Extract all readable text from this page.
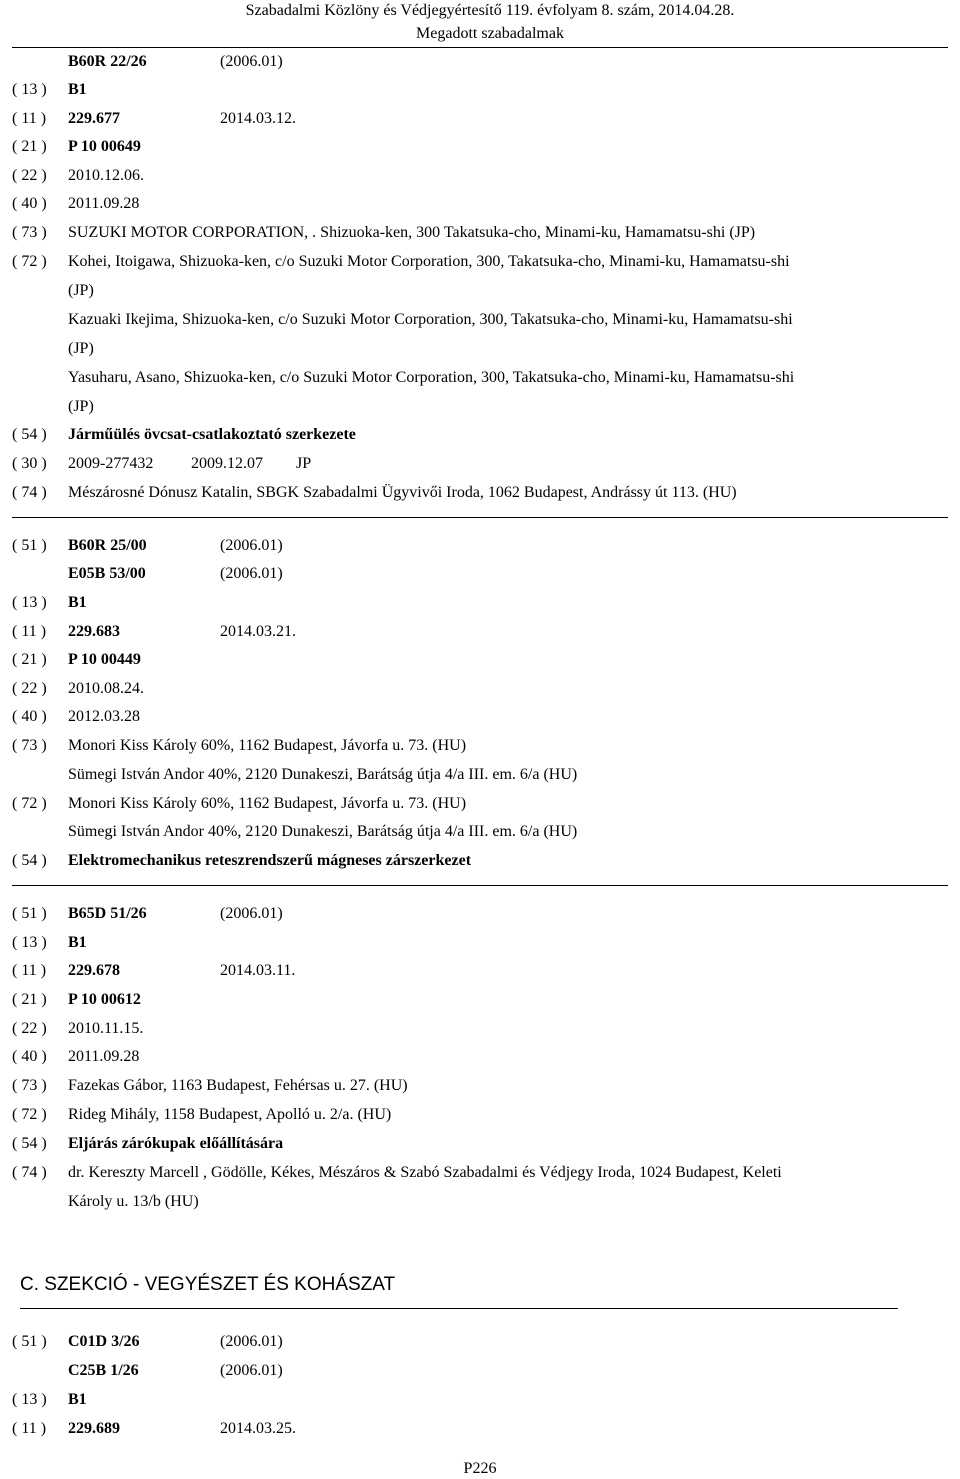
Szabadalmi Közlöny és Védjegyértesítő 119. évfolyam 8. szám, 2014.04.28.
Megadott szabadalmak
B60R 22/26	(2006.01)
( 13 )	B1
( 11 )	229.677	2014.03.12.
( 21 )	P 10 00649
( 22 )	2010.12.06.
( 40 )	2011.09.28
( 73 )	SUZUKI MOTOR CORPORATION, . Shizuoka-ken, 300 Takatsuka-cho, Minami-ku, Hamamatsu-shi (JP)
( 72 )	Kohei, Itoigawa, Shizuoka-ken, c/o Suzuki Motor Corporation, 300, Takatsuka-cho, Minami-ku, Hamamatsu-shi
(JP)
Kazuaki Ikejima, Shizuoka-ken, c/o Suzuki Motor Corporation, 300, Takatsuka-cho, Minami-ku, Hamamatsu-shi
(JP)
Yasuharu, Asano, Shizuoka-ken, c/o Suzuki Motor Corporation, 300, Takatsuka-cho, Minami-ku, Hamamatsu-shi
(JP)
( 54 )	Járműülés övcsat-csatlakoztató szerkezete
( 30 )	2009-277432 2009.12.07 JP
( 74 )	Mészárosné Dónusz Katalin, SBGK Szabadalmi Ügyvivői Iroda, 1062 Budapest, Andrássy út 113. (HU)
( 51 )	B60R 25/00	(2006.01)
E05B 53/00	(2006.01)
( 13 )	B1
( 11 )	229.683	2014.03.21.
( 21 )	P 10 00449
( 22 )	2010.08.24.
( 40 )	2012.03.28
( 73 )	Monori Kiss Károly 60%, 1162 Budapest, Jávorfa u. 73. (HU)
Sümegi István Andor 40%, 2120 Dunakeszi, Barátság útja 4/a III. em. 6/a (HU)
( 72 )	Monori Kiss Károly 60%, 1162 Budapest, Jávorfa u. 73. (HU)
Sümegi István Andor 40%, 2120 Dunakeszi, Barátság útja 4/a III. em. 6/a (HU)
( 54 )	Elektromechanikus reteszrendszerű mágneses zárszerkezet
( 51 )	B65D 51/26	(2006.01)
( 13 )	B1
( 11 )	229.678	2014.03.11.
( 21 )	P 10 00612
( 22 )	2010.11.15.
( 40 )	2011.09.28
( 73 )	Fazekas Gábor, 1163 Budapest, Fehérsas u. 27. (HU)
( 72 )	Rideg Mihály, 1158 Budapest, Apolló u. 2/a. (HU)
( 54 )	Eljárás zárókupak előállítására
( 74 )	dr. Kereszty Marcell , Gödölle, Kékes, Mészáros & Szabó Szabadalmi és Védjegy Iroda, 1024 Budapest, Keleti
Károly u. 13/b (HU)
C. SZEKCIÓ - VEGYÉSZET ÉS KOHÁSZAT
( 51 )	C01D 3/26	(2006.01)
C25B 1/26	(2006.01)
( 13 )	B1
( 11 )	229.689	2014.03.25.
P226
